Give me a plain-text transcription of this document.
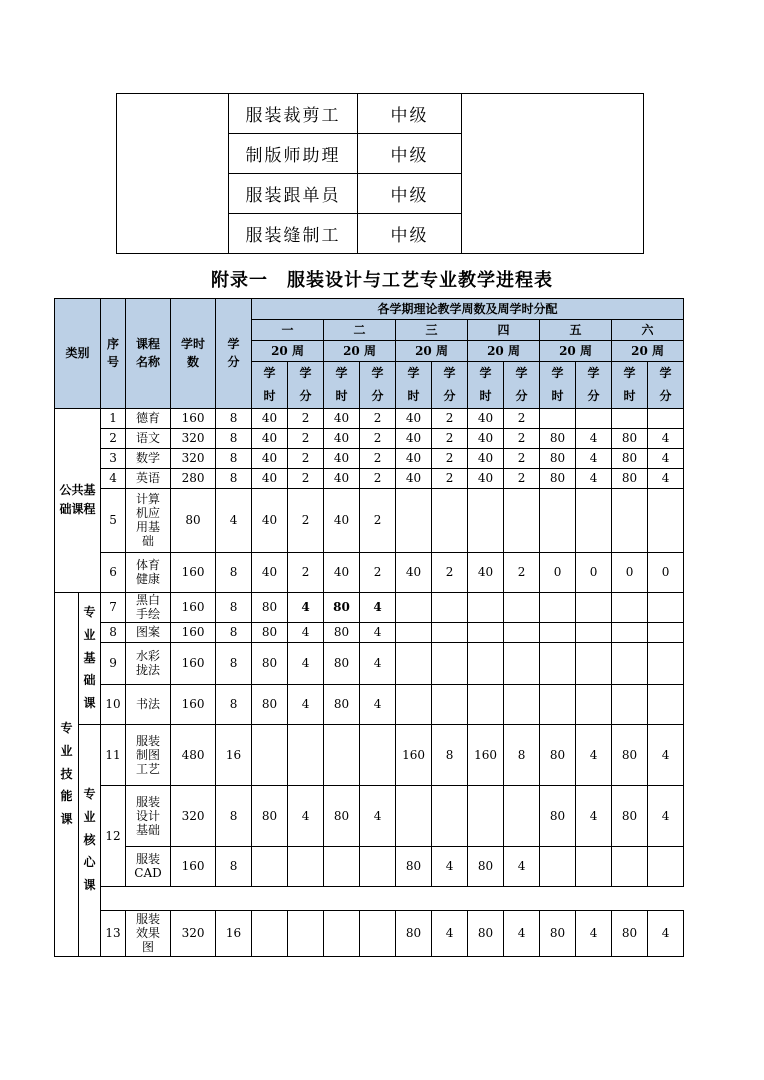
	服装裁剪工	中级	
	制版师助理	中级	
	服装跟单员	中级	
	服装缝制工	中级	
附录一　服装设计与工艺专业教学进程表
类别		序号	课程名称	学时数	学分	各学期理论教学周数及周学时分配											
						一		二		三		四		五		六	
						20 周		20 周		20 周		20 周		20 周		20 周	
						学时	学分	学时	学分	学时	学分	学时	学分	学时	学分	学时	学分
公共基础课程		1	德育	160	8	40	2	40	2	40	2	40	2				
		2	语文	320	8	40	2	40	2	40	2	40	2	80	4	80	4
		3	数学	320	8	40	2	40	2	40	2	40	2	80	4	80	4
		4	英语	280	8	40	2	40	2	40	2	40	2	80	4	80	4
		5	计算机应用基础	80	4	40	2	40	2								
		6	体育健康	160	8	40	2	40	2	40	2	40	2	0	0	0	0
专业技能课	专业基础课	7	黑白手绘	160	8	80	4	80	4								
		8	图案	160	8	80	4	80	4								
		9	水彩拢法	160	8	80	4	80	4								
		10	书法	160	8	80	4	80	4								
	专业核心课	11	服装制图工艺	480	16					160	8	160	8	80	4	80	4
		12	服装设计基础	320	8	80	4	80	4					80	4	80	4
			服装CAD	160	8					80	4	80	4				

		13	服装效果图	320	16					80	4	80	4	80	4	80	4
